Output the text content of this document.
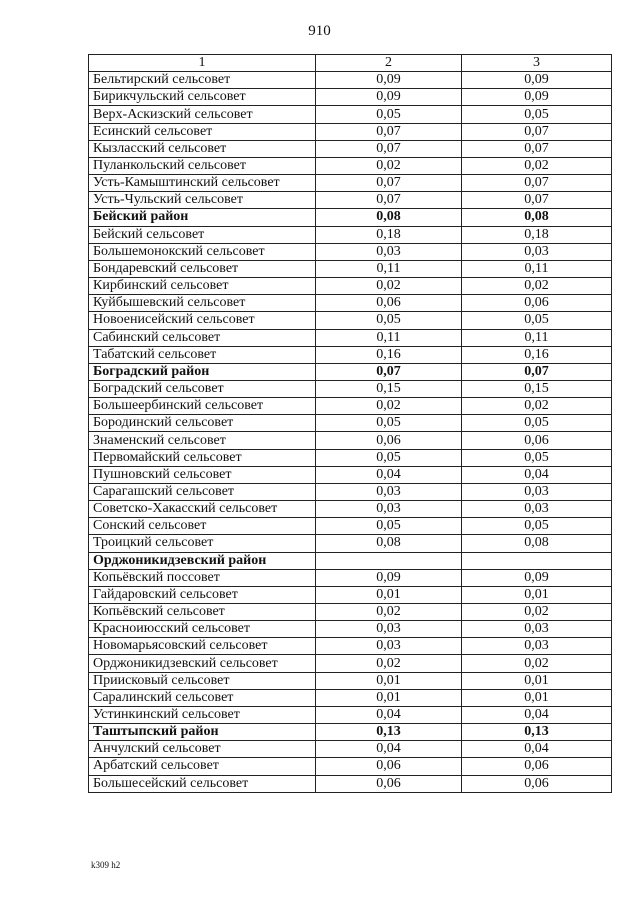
910
1	2	3
Бельтирский сельсовет	0,09	0,09
Бирикчульский сельсовет	0,09	0,09
Верх-Аскизский сельсовет	0,05	0,05
Есинский сельсовет	0,07	0,07
Кызласский сельсовет	0,07	0,07
Пуланкольский сельсовет	0,02	0,02
Усть-Камыштинский сельсовет	0,07	0,07
Усть-Чульский сельсовет	0,07	0,07
Бейский район	0,08	0,08
Бейский сельсовет	0,18	0,18
Большемонокский сельсовет	0,03	0,03
Бондаревский сельсовет	0,11	0,11
Кирбинский сельсовет	0,02	0,02
Куйбышевский сельсовет	0,06	0,06
Новоенисейский сельсовет	0,05	0,05
Сабинский сельсовет	0,11	0,11
Табатский сельсовет	0,16	0,16
Боградский район	0,07	0,07
Боградский сельсовет	0,15	0,15
Большеербинский сельсовет	0,02	0,02
Бородинский сельсовет	0,05	0,05
Знаменский сельсовет	0,06	0,06
Первомайский сельсовет	0,05	0,05
Пушновский сельсовет	0,04	0,04
Сарагашский сельсовет	0,03	0,03
Советско-Хакасский сельсовет	0,03	0,03
Сонский сельсовет	0,05	0,05
Троицкий сельсовет	0,08	0,08
Орджоникидзевский район		
Копьёвский поссовет	0,09	0,09
Гайдаровский сельсовет	0,01	0,01
Копьёвский сельсовет	0,02	0,02
Красноиюсский сельсовет	0,03	0,03
Новомарьясовский сельсовет	0,03	0,03
Орджоникидзевский сельсовет	0,02	0,02
Приисковый сельсовет	0,01	0,01
Саралинский сельсовет	0,01	0,01
Устинкинский сельсовет	0,04	0,04
Таштыпский район	0,13	0,13
Анчулский сельсовет	0,04	0,04
Арбатский сельсовет	0,06	0,06
Большесейский сельсовет	0,06	0,06
k309 h2
